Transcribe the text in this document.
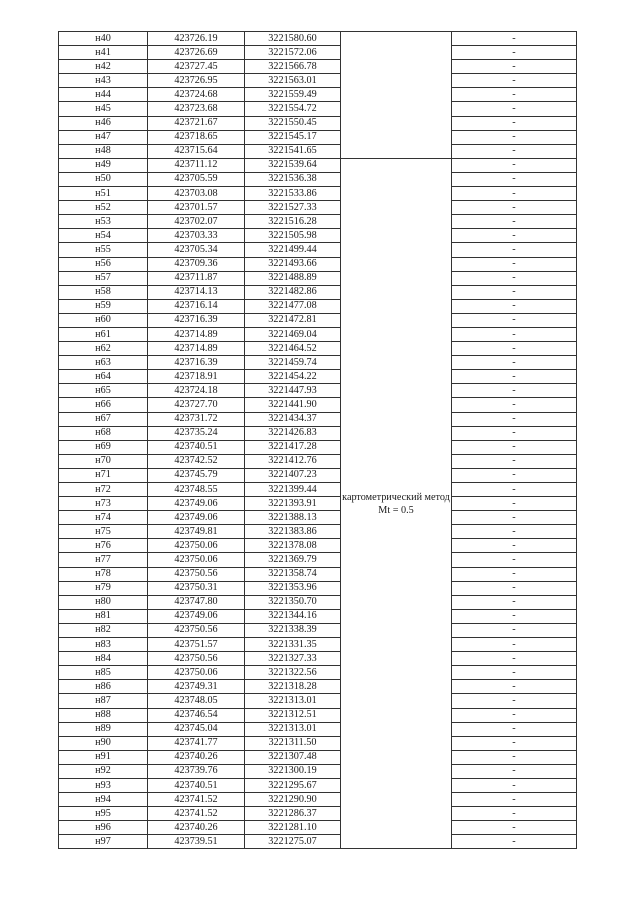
н40	423726.19	3221580.60		-
н41	423726.69	3221572.06		-
н42	423727.45	3221566.78		-
н43	423726.95	3221563.01		-
н44	423724.68	3221559.49		-
н45	423723.68	3221554.72		-
н46	423721.67	3221550.45		-
н47	423718.65	3221545.17		-
н48	423715.64	3221541.65		-
н49	423711.12	3221539.64	картометрический метод Mt = 0.5	-
н50	423705.59	3221536.38		-
н51	423703.08	3221533.86		-
н52	423701.57	3221527.33		-
н53	423702.07	3221516.28		-
н54	423703.33	3221505.98		-
н55	423705.34	3221499.44		-
н56	423709.36	3221493.66		-
н57	423711.87	3221488.89		-
н58	423714.13	3221482.86		-
н59	423716.14	3221477.08		-
н60	423716.39	3221472.81		-
н61	423714.89	3221469.04		-
н62	423714.89	3221464.52		-
н63	423716.39	3221459.74		-
н64	423718.91	3221454.22		-
н65	423724.18	3221447.93		-
н66	423727.70	3221441.90		-
н67	423731.72	3221434.37		-
н68	423735.24	3221426.83		-
н69	423740.51	3221417.28		-
н70	423742.52	3221412.76		-
н71	423745.79	3221407.23		-
н72	423748.55	3221399.44		-
н73	423749.06	3221393.91		-
н74	423749.06	3221388.13		-
н75	423749.81	3221383.86		-
н76	423750.06	3221378.08		-
н77	423750.06	3221369.79		-
н78	423750.56	3221358.74		-
н79	423750.31	3221353.96		-
н80	423747.80	3221350.70		-
н81	423749.06	3221344.16		-
н82	423750.56	3221338.39		-
н83	423751.57	3221331.35		-
н84	423750.56	3221327.33		-
н85	423750.06	3221322.56		-
н86	423749.31	3221318.28		-
н87	423748.05	3221313.01		-
н88	423746.54	3221312.51		-
н89	423745.04	3221313.01		-
н90	423741.77	3221311.50		-
н91	423740.26	3221307.48		-
н92	423739.76	3221300.19		-
н93	423740.51	3221295.67		-
н94	423741.52	3221290.90		-
н95	423741.52	3221286.37		-
н96	423740.26	3221281.10		-
н97	423739.51	3221275.07		-
